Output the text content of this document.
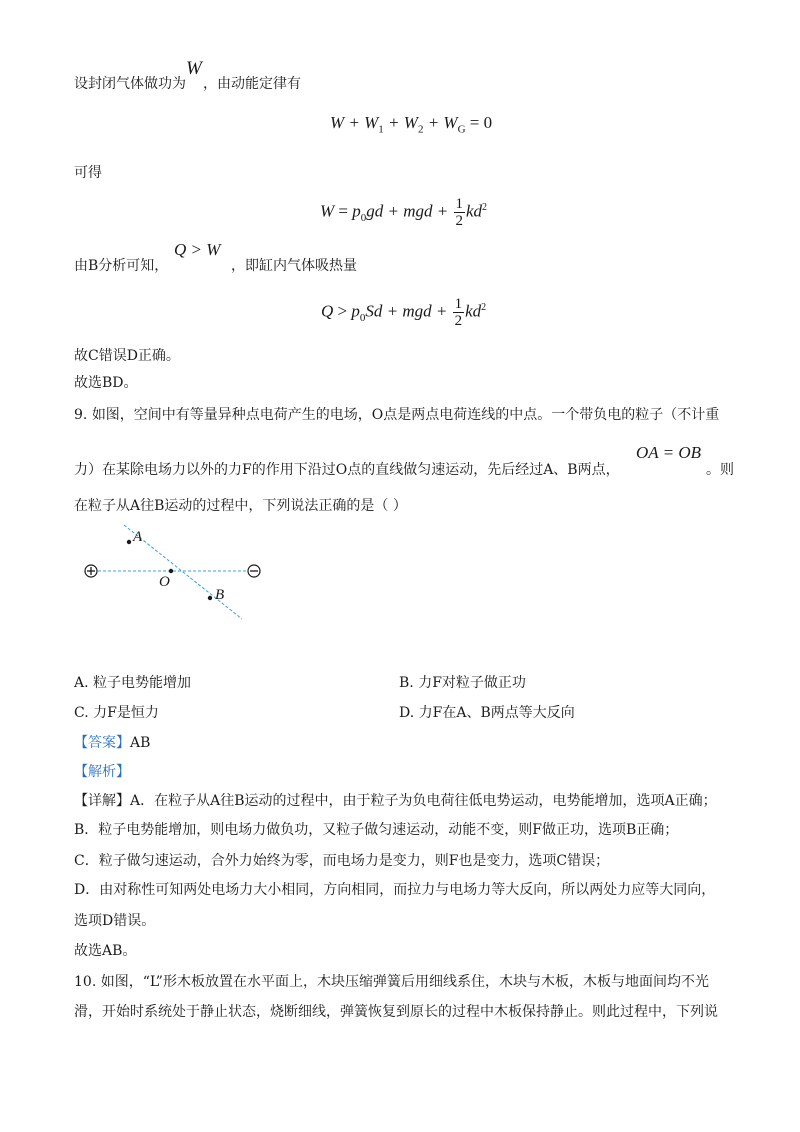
设封闭气体做功为
W
，由动能定律有
$W + W_1 + W_2 + W_G = 0$
可得
$W = p_0gd$ + mgd + $\frac{1}{2} kd^2$
由B分析可知，
Q > W
，即缸内气体吸热量
$Q > p_0Sd$ + mgd + $\frac{1}{2} kd^2$
故C错误D正确。
故选BD。
9. 如图，空间中有等量异种点电荷产生的电场，O点是两点电荷连线的中点。一个带负电的粒子（不计重
力）在某除电场力以外的力F的作用下沿过O点的直线做匀速运动，先后经过A、B两点，
OA = OB
。则
在粒子从A往B运动的过程中，下列说法正确的是（ ）
A
O
B
A. 粒子电势能增加	B. 力F对粒子做正功
C. 力F是恒力	D. 力F在A、B两点等大反向
【答案】AB
【解析】
【详解】A．在粒子从A往B运动的过程中，由于粒子为负电荷往低电势运动，电势能增加，选项A正确；
B．粒子电势能增加，则电场力做负功，又粒子做匀速运动，动能不变，则F做正功，选项B正确；
C．粒子做匀速运动，合外力始终为零，而电场力是变力，则F也是变力，选项C错误；
D．由对称性可知两处电场力大小相同，方向相同，而拉力与电场力等大反向，所以两处力应等大同向，
选项D错误。
故选AB。
10. 如图，“L”形木板放置在水平面上，木块压缩弹簧后用细线系住，木块与木板，木板与地面间均不光
滑，开始时系统处于静止状态，烧断细线，弹簧恢复到原长的过程中木板保持静止。则此过程中，下列说
